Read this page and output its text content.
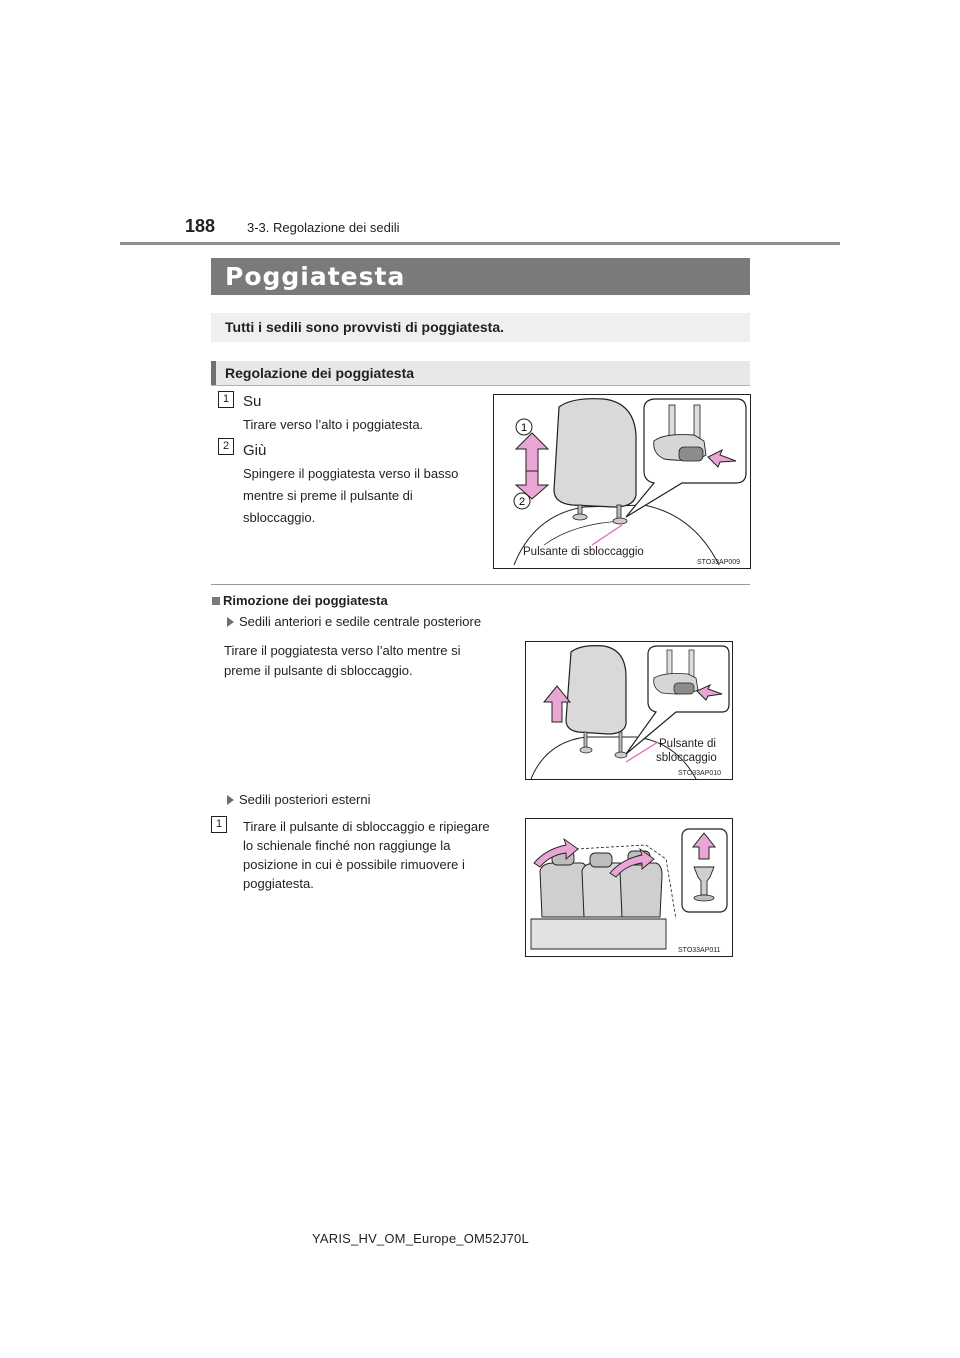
188 3-3. Regolazione dei sedili
Poggiatesta
Tutti i sedili sono provvisti di poggiatesta.
Regolazione dei poggiatesta
1 Su
Tirare verso l’alto i poggiatesta.
2 Giù
Spingere il poggiatesta verso il basso
mentre si preme il pulsante di
sbloccaggio.
1
2
Pulsante di sbloccaggio
STO33AP009
Rimozione dei poggiatesta
Sedili anteriori e sedile centrale posteriore
Tirare il poggiatesta verso l’alto mentre si
preme il pulsante di sbloccaggio.
Pulsante di
sbloccaggio
STO33AP010
Sedili posteriori esterni
1	Tirare il pulsante di sbloccaggio e ripiegare
lo schienale finché non raggiunge la
posizione in cui è possibile rimuovere i
poggiatesta.
STO33AP011
YARIS_HV_OM_Europe_OM52J70L
